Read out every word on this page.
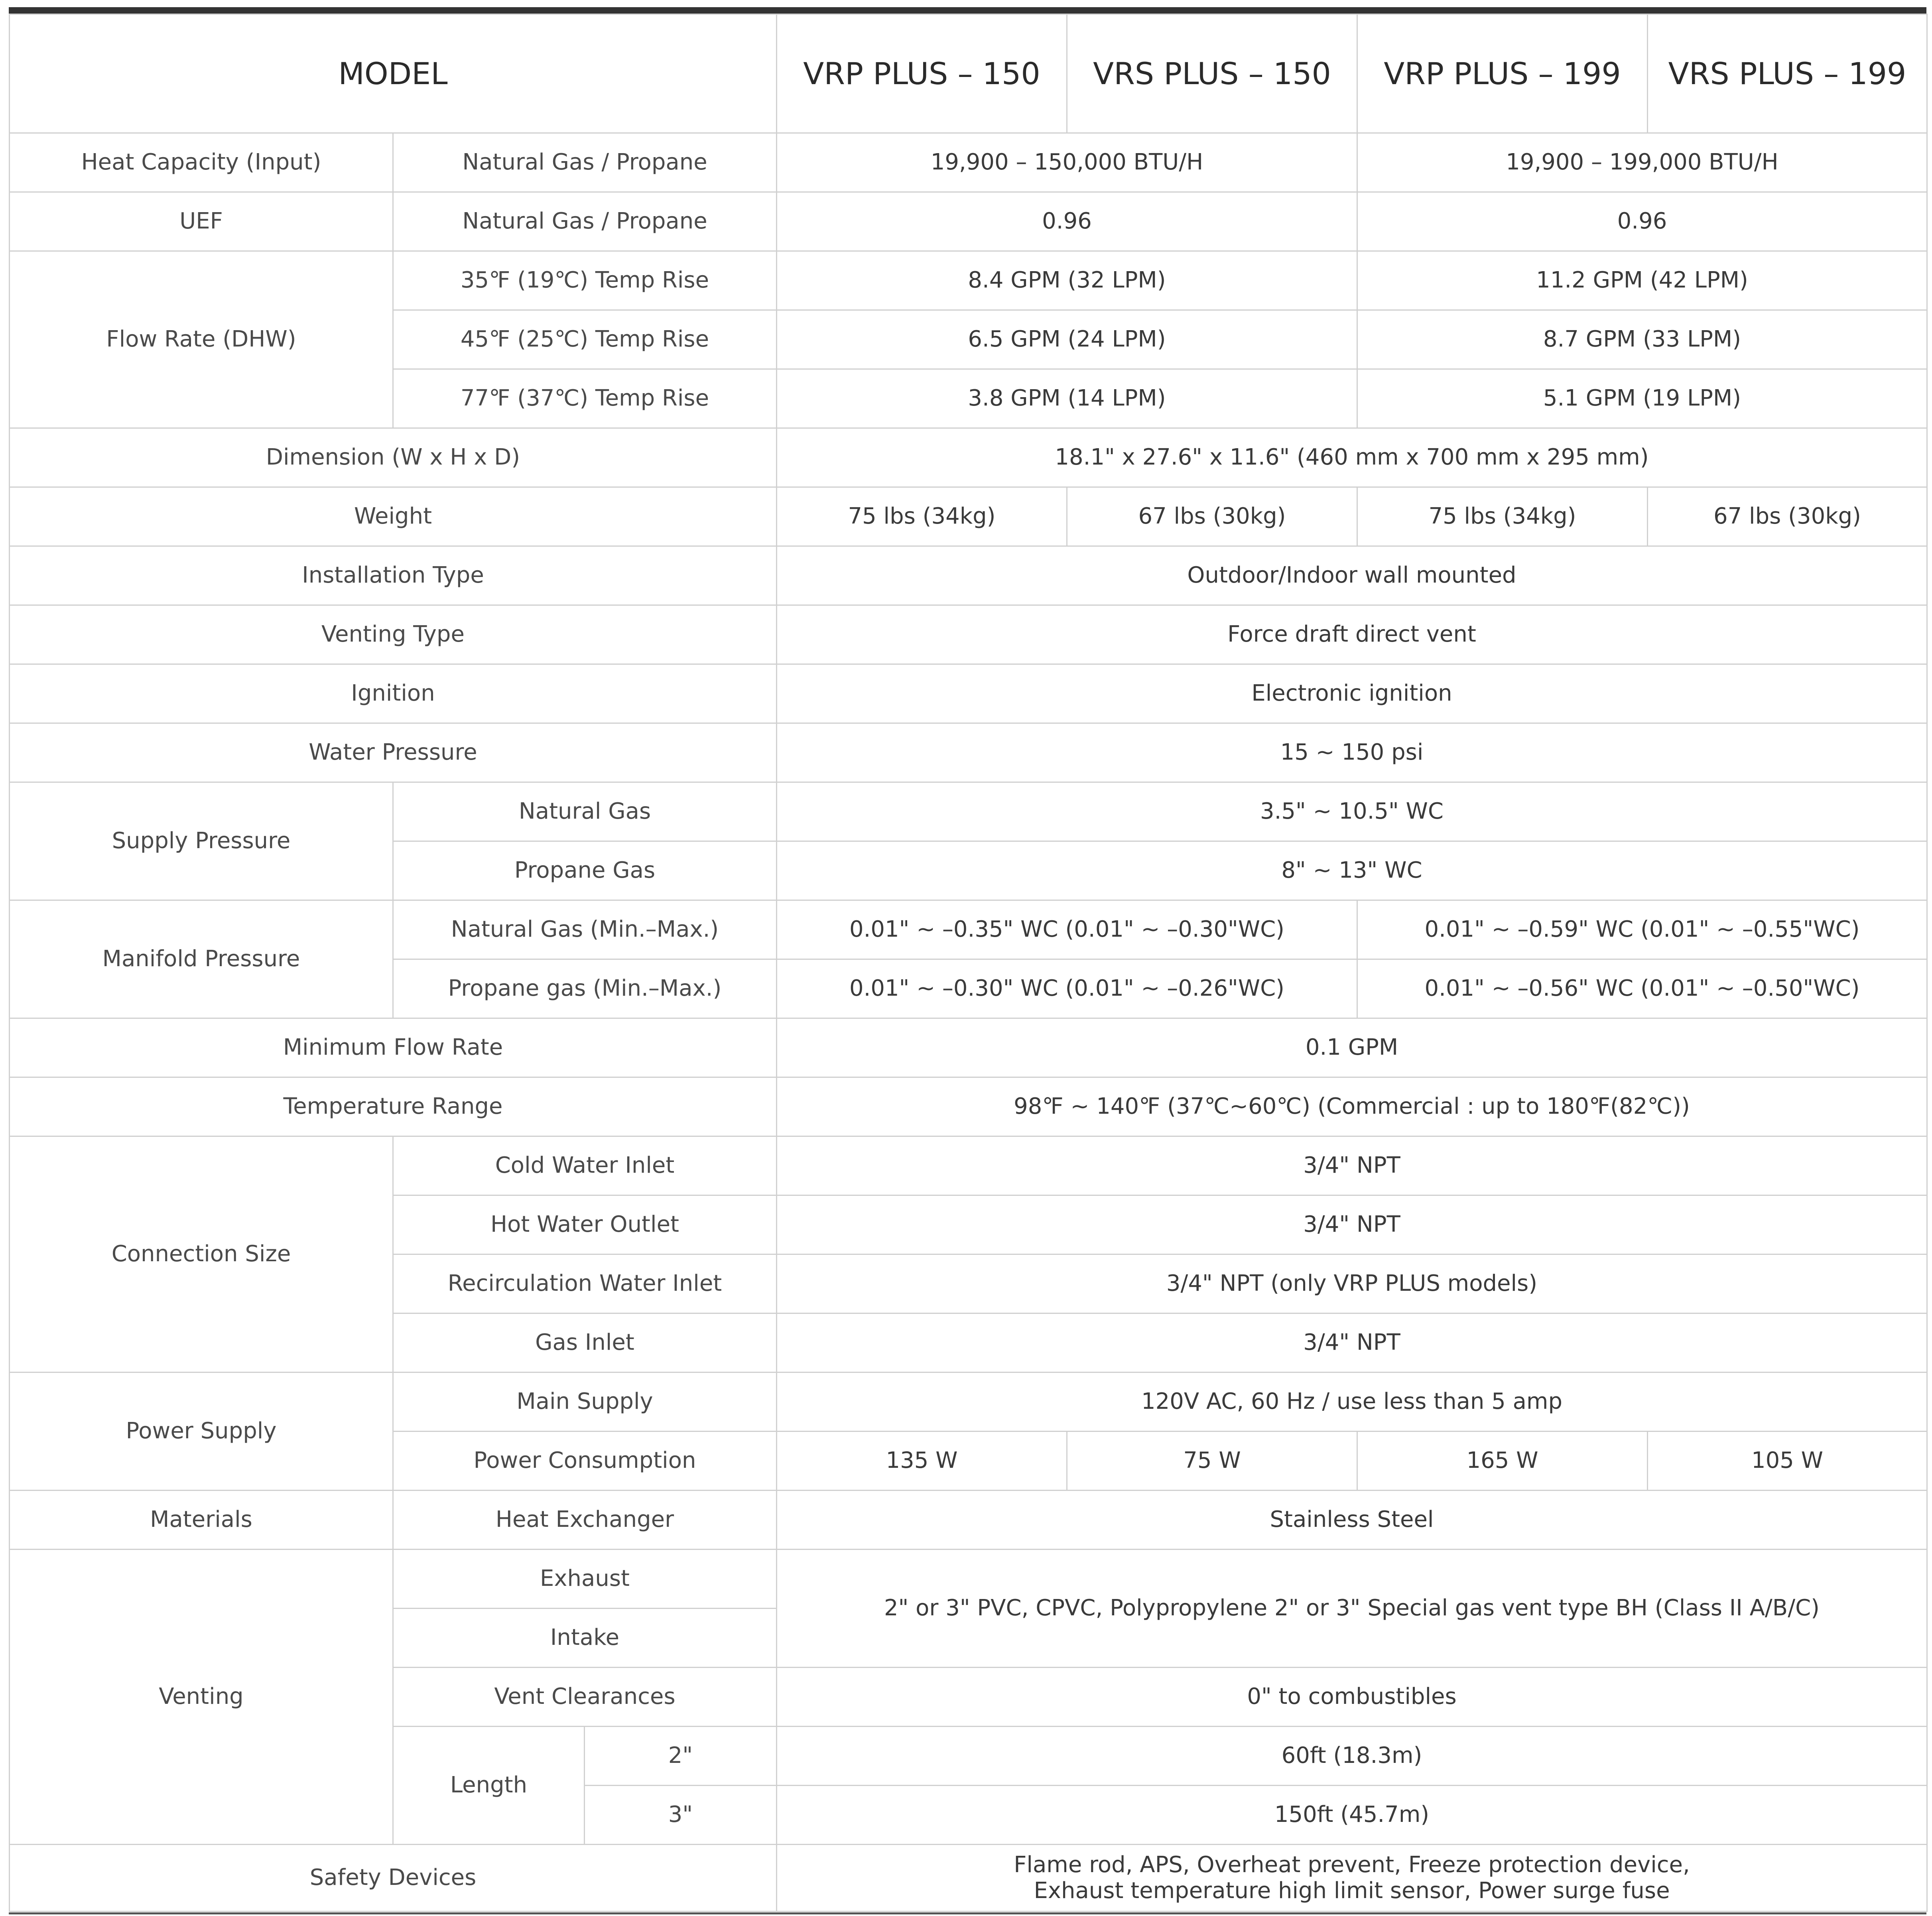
MODEL			VRP PLUS – 150	VRS PLUS – 150	VRP PLUS – 199	VRS PLUS – 199
Heat Capacity (Input)	Natural Gas / Propane		19,900 – 150,000 BTU/H		19,900 – 199,000 BTU/H	
UEF	Natural Gas / Propane		0.96		0.96	
Flow Rate (DHW)	35℉ (19℃) Temp Rise		8.4 GPM (32 LPM)		11.2 GPM (42 LPM)	
	45℉ (25℃) Temp Rise		6.5 GPM (24 LPM)		8.7 GPM (33 LPM)	
	77℉ (37℃) Temp Rise		3.8 GPM (14 LPM)		5.1 GPM (19 LPM)	
Dimension (W x H x D)			18.1" x 27.6" x 11.6" (460 mm x 700 mm x 295 mm)			
Weight			75 lbs (34kg)	67 lbs (30kg)	75 lbs (34kg)	67 lbs (30kg)
Installation Type			Outdoor/Indoor wall mounted			
Venting Type			Force draft direct vent			
Ignition			Electronic ignition			
Water Pressure			15 ~ 150 psi			
Supply Pressure	Natural Gas		3.5" ~ 10.5" WC			
	Propane Gas		8" ~ 13" WC			
Manifold Pressure	Natural Gas (Min.–Max.)		0.01" ~ –0.35" WC (0.01" ~ –0.30"WC)		0.01" ~ –0.59" WC (0.01" ~ –0.55"WC)	
	Propane gas (Min.–Max.)		0.01" ~ –0.30" WC (0.01" ~ –0.26"WC)		0.01" ~ –0.56" WC (0.01" ~ –0.50"WC)	
Minimum Flow Rate			0.1 GPM			
Temperature Range			98℉ ~ 140℉ (37℃~60℃) (Commercial : up to 180℉(82℃))			
Connection Size	Cold Water Inlet		3/4" NPT			
	Hot Water Outlet		3/4" NPT			
	Recirculation Water Inlet		3/4" NPT (only VRP PLUS models)			
	Gas Inlet		3/4" NPT			
Power Supply	Main Supply		120V AC, 60 Hz / use less than 5 amp			
	Power Consumption		135 W	75 W	165 W	105 W
Materials	Heat Exchanger		Stainless Steel			
Venting	Exhaust		2" or 3" PVC, CPVC, Polypropylene 2" or 3" Special gas vent type BH (Class II A/B/C)			
	Intake					
	Vent Clearances		0" to combustibles			
	Length	2"	60ft (18.3m)			
		3"	150ft (45.7m)			
Safety Devices			Flame rod, APS, Overheat prevent, Freeze protection device,
Exhaust temperature high limit sensor, Power surge fuse			
